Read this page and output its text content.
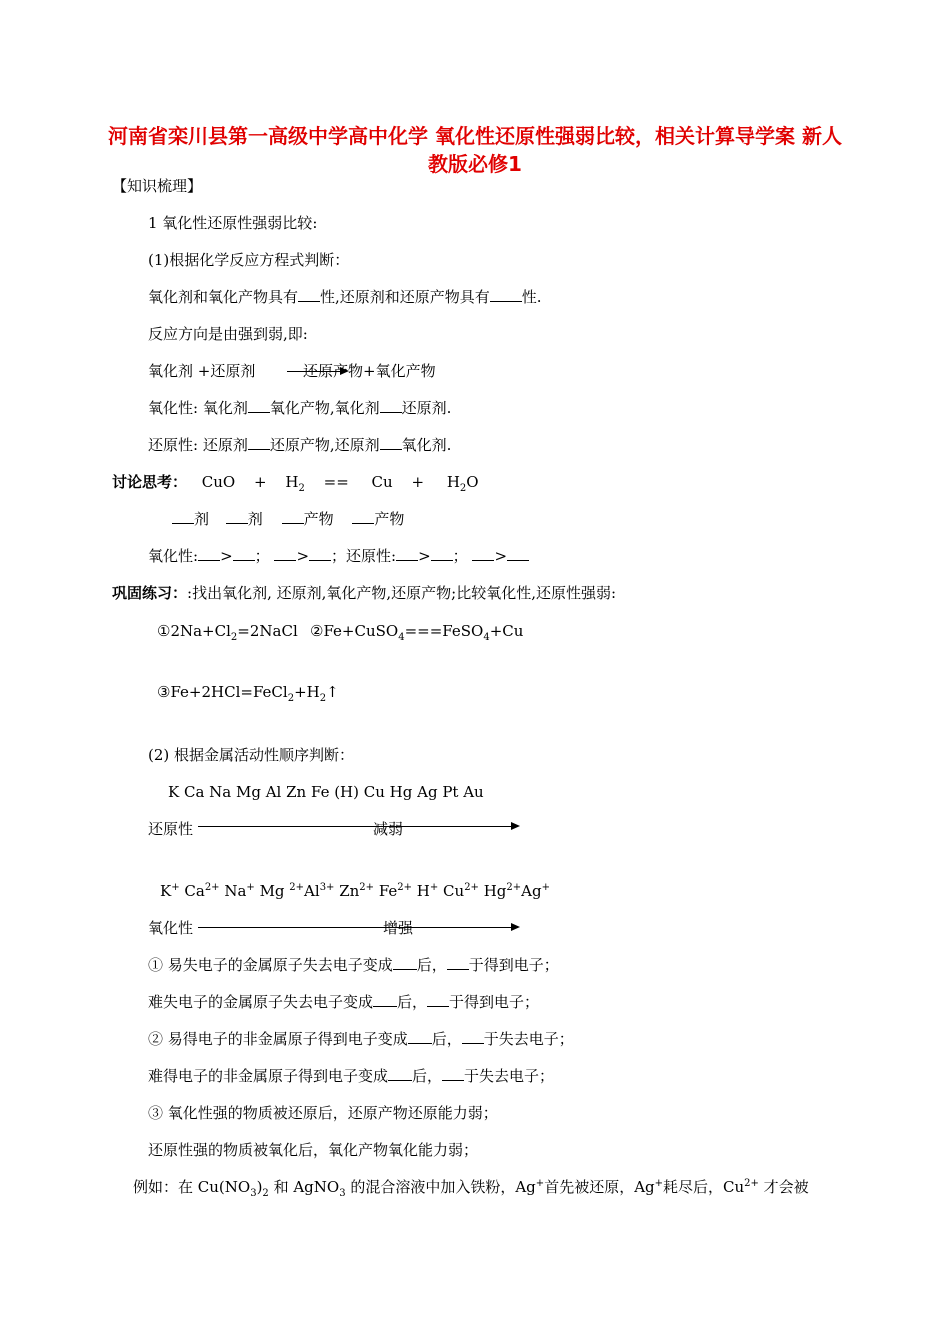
河南省栾川县第一高级中学高中化学 氧化性还原性强弱比较，相关计算导学案 新人教版必修1
【知识梳理】
1 氧化性还原性强弱比较:
(1)根据化学反应方程式判断：
氧化剂和氧化产物具有 性,还原剂和还原产物具有 性.
反应方向是由强到弱,即:
氧化剂 +还原剂	还原产物+氧化产物
氧化性: 氧化剂 氧化产物,氧化剂 还原剂.
还原性: 还原剂 还原产物,还原剂 氧化剂.
讨论思考： CuO + $H_2 == Cu + H_2O$
剂	剂	产物	产物
氧化性: > ； > ；还原性: > ； >
巩固练习：:找出氧化剂, 还原剂,氧化产物,还原产物;比较氧化性,还原性强弱:
$①2Na+Cl_2=2NaCl$ ②Fe+CuSO$_4$===FeSO$_4$+Cu
$③Fe+2HCl=FeCl_2+H_2↑$
(2) 根据金属活动性顺序判断：
K Ca Na Mg Al Zn Fe (H) Cu Hg Ag Pt Au
还原性	减弱
K+ $Ca^{2+}$ Na+ Mg $^{2+}Al^{3+}$ $Zn^{2+}$ $Fe^{2+}$ H+ $Cu^{2+}$ $Hg^{2+}Ag^+$
氧化性	增强
① 易失电子的金属原子失去电子变成 后， 于得到电子；
难失电子的金属原子失去电子变成 后， 于得到电子；
② 易得电子的非金属原子得到电子变成 后， 于失去电子；
难得电子的非金属原子得到电子变成 后， 于失去电子；
③ 氧化性强的物质被还原后，还原产物还原能力弱；
还原性强的物质被氧化后，氧化产物氧化能力弱；
例如：在 $Cu(NO_3)_2$ 和 AgNO$_3$ 的混合溶液中加入铁粉，Ag+首先被还原，Ag+耗尽后，$Cu^{2+}$ 才会被
